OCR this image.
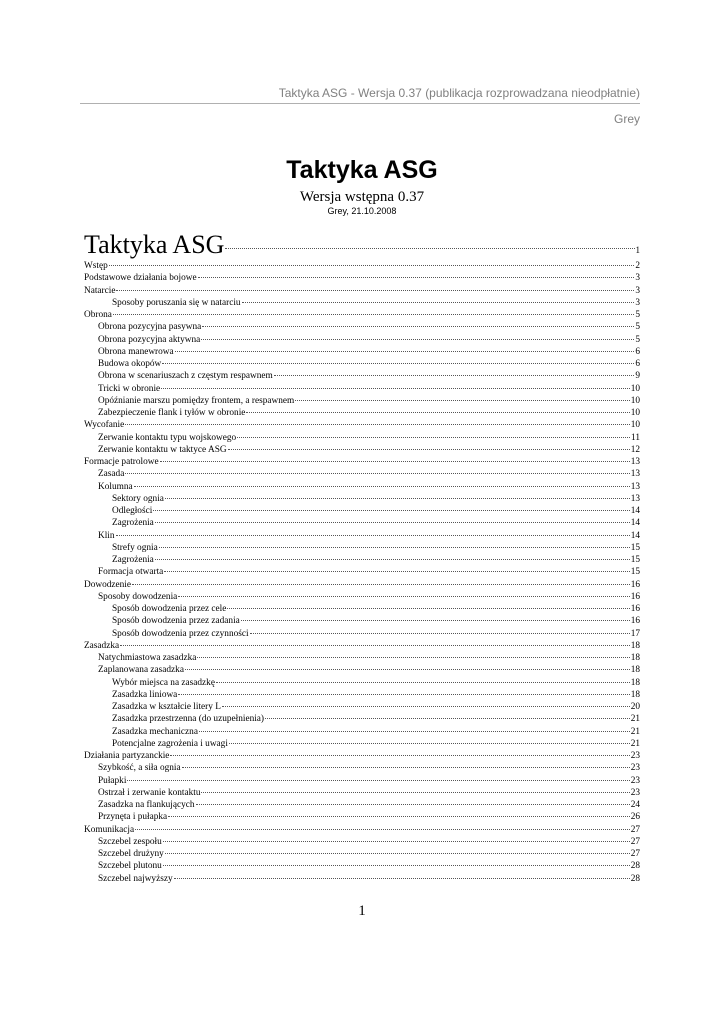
Taktyka ASG - Wersja 0.37 (publikacja rozprowadzana nieodpłatnie)
Grey
Taktyka ASG
Wersja wstępna 0.37
Grey, 21.10.2008
Taktyka ASG	1
Wstęp	2
Podstawowe działania bojowe	3
Natarcie	3
Sposoby poruszania się w natarciu	3
Obrona	5
Obrona pozycyjna pasywna	5
Obrona pozycyjna aktywna	5
Obrona manewrowa	6
Budowa okopów	6
Obrona w scenariuszach z częstym respawnem	9
Tricki w obronie	10
Opóźnianie marszu pomiędzy frontem, a respawnem	10
Zabezpieczenie flank i tyłów w obronie	10
Wycofanie	10
Zerwanie kontaktu typu wojskowego	11
Zerwanie kontaktu w taktyce ASG	12
Formacje patrolowe	13
Zasada	13
Kolumna	13
Sektory ognia	13
Odległości	14
Zagrożenia	14
Klin	14
Strefy ognia	15
Zagrożenia	15
Formacja otwarta	15
Dowodzenie	16
Sposoby dowodzenia	16
Sposób dowodzenia przez cele	16
Sposób dowodzenia przez zadania	16
Sposób dowodzenia przez czynności	17
Zasadzka	18
Natychmiastowa zasadzka	18
Zaplanowana zasadzka	18
Wybór miejsca na zasadzkę	18
Zasadzka liniowa	18
Zasadzka w kształcie litery L	20
Zasadzka przestrzenna (do uzupełnienia)	21
Zasadzka mechaniczna	21
Potencjalne zagrożenia i uwagi	21
Działania partyzanckie	23
Szybkość, a siła ognia	23
Pułapki	23
Ostrzał i zerwanie kontaktu	23
Zasadzka na flankujących	24
Przynęta i pułapka	26
Komunikacja	27
Szczebel zespołu	27
Szczebel drużyny	27
Szczebel plutonu	28
Szczebel najwyższy	28
1
